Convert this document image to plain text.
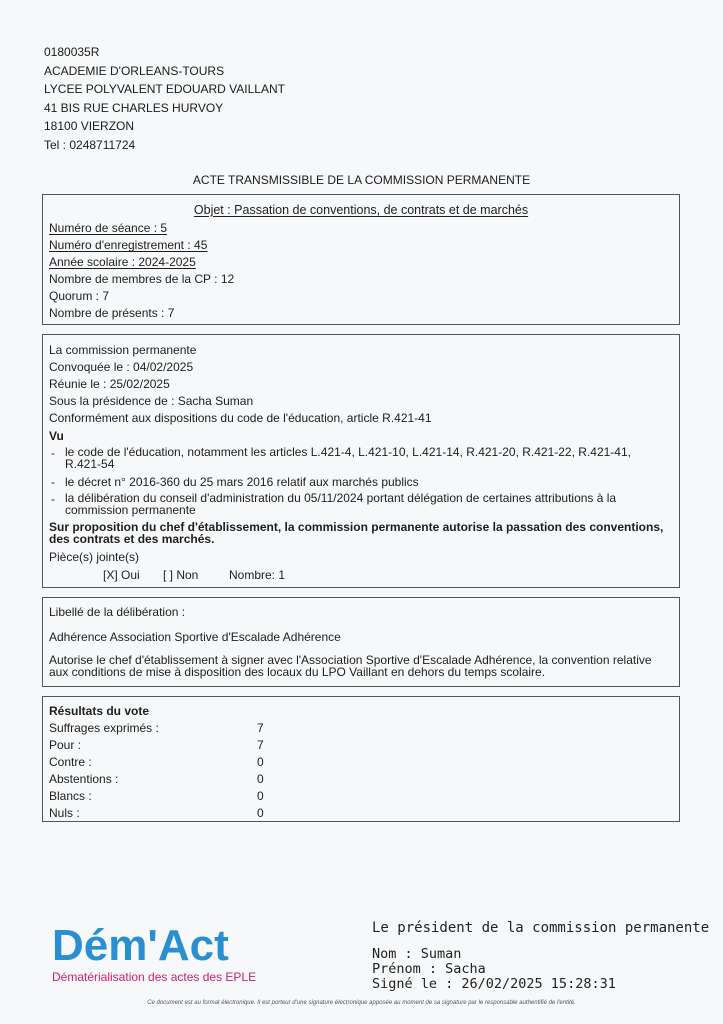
0180035R
ACADEMIE D'ORLEANS-TOURS
LYCEE POLYVALENT EDOUARD VAILLANT
41 BIS RUE CHARLES HURVOY
18100 VIERZON
Tel : 0248711724
ACTE TRANSMISSIBLE DE LA COMMISSION PERMANENTE
Objet : Passation de conventions, de contrats et de marchés
Numéro de séance : 5
Numéro d'enregistrement : 45
Année scolaire : 2024-2025
Nombre de membres de la CP : 12
Quorum : 7
Nombre de présents : 7
La commission permanente
Convoquée le : 04/02/2025
Réunie le : 25/02/2025
Sous la présidence de : Sacha Suman
Conformément aux dispositions du code de l'éducation, article R.421-41
Vu
- le code de l'éducation, notamment les articles L.421-4, L.421-10, L.421-14, R.421-20, R.421-22, R.421-41, R.421-54
- le décret n° 2016-360 du 25 mars 2016 relatif aux marchés publics
- la délibération du conseil d'administration du 05/11/2024 portant délégation de certaines attributions à la commission permanente
Sur proposition du chef d'établissement, la commission permanente autorise la passation des conventions, des contrats et des marchés.
Pièce(s) jointe(s)
[X] Oui [ ] Non	Nombre: 1
Libellé de la délibération :
Adhérence Association Sportive d'Escalade Adhérence
Autorise le chef d'établissement à signer avec l'Association Sportive d'Escalade Adhérence, la convention relative aux conditions de mise à disposition des locaux du LPO Vaillant en dehors du temps scolaire.
Résultats du vote
Suffrages exprimés :	7
Pour :	7
Contre :	0
Abstentions :	0
Blancs :	0
Nuls :	0
Dém'Act
Dématérialisation des actes des EPLE
Le président de la commission permanente
Nom : Suman
Prénom : Sacha
Signé le : 26/02/2025 15:28:31
Ce document est au format électronique. Il est porteur d'une signature électronique apposée au moment de sa signature par le responsable authentifié de l'entité.
